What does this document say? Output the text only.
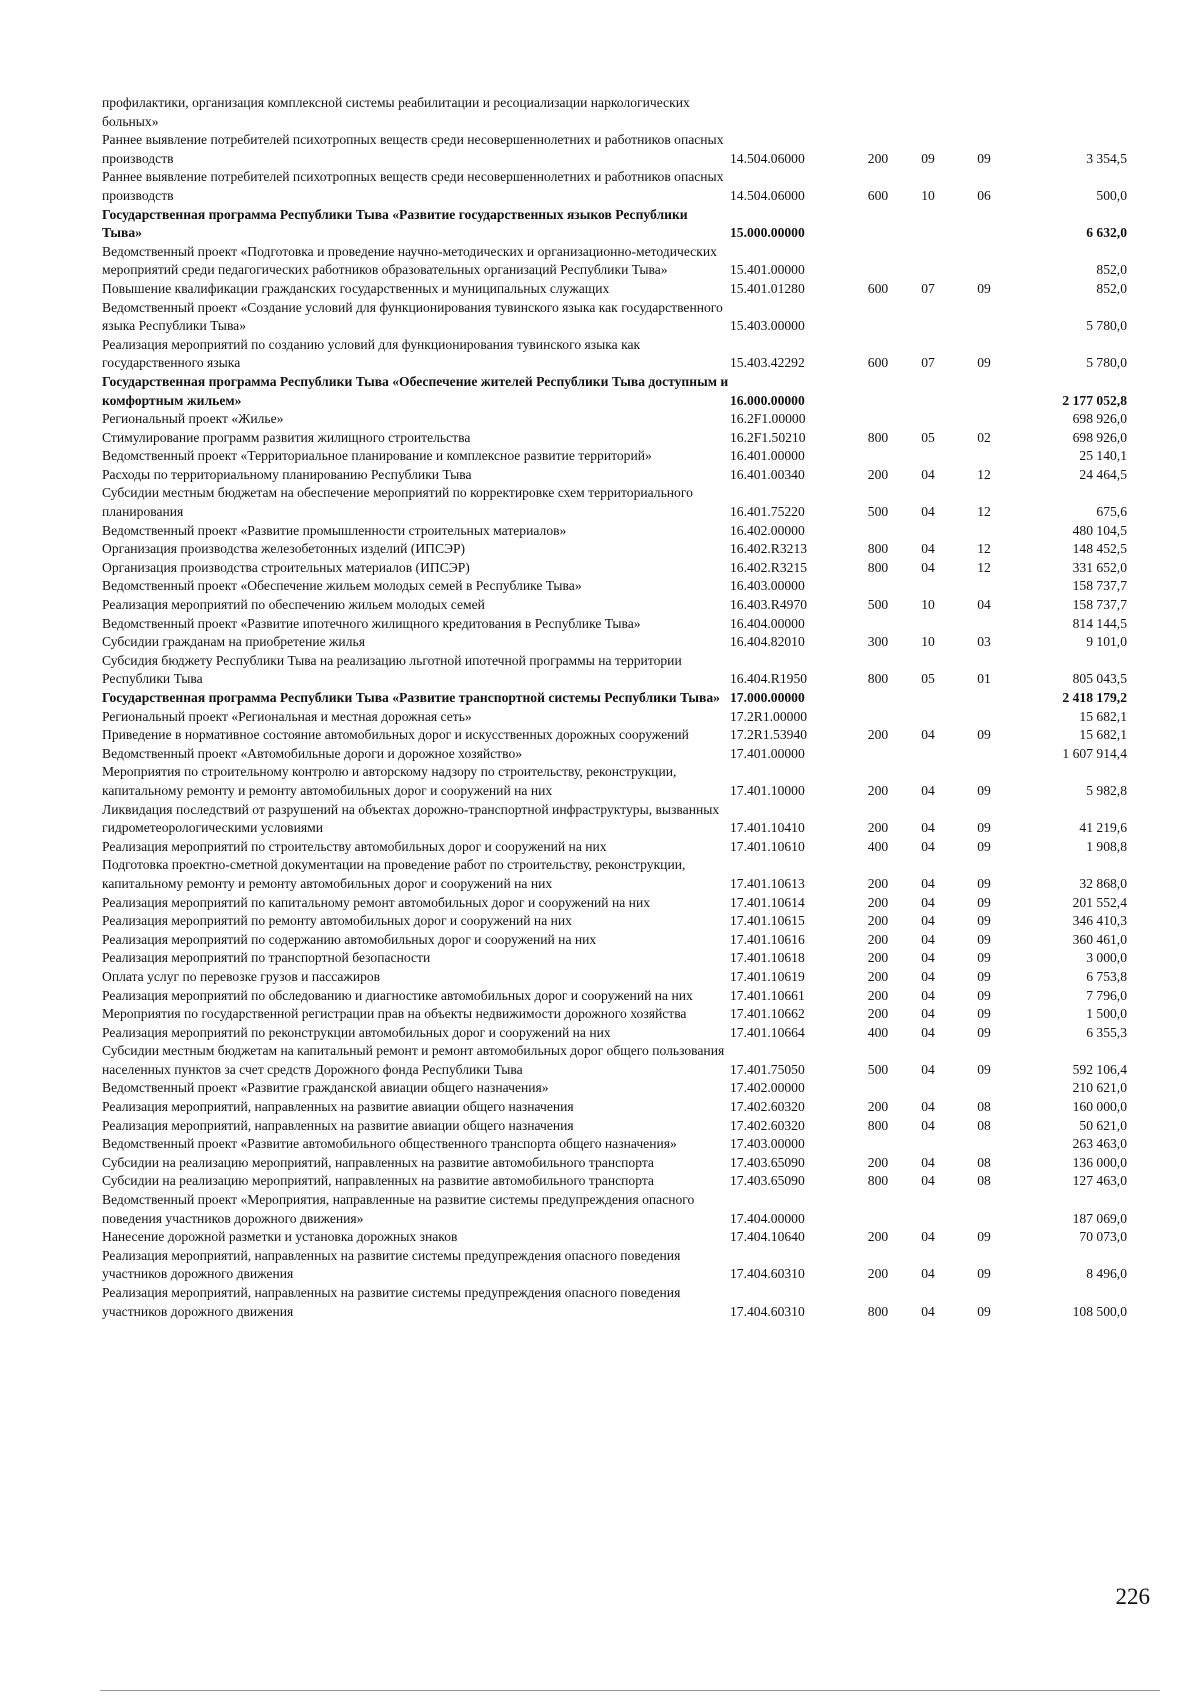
профилактики, организация комплексной системы реабилитации и ресоциализации наркологических больных»					
Раннее выявление потребителей психотропных веществ среди несовершеннолетних и работников опасных производств	14.504.06000	200	09	09	3 354,5
Раннее выявление потребителей психотропных веществ среди несовершеннолетних и работников опасных производств	14.504.06000	600	10	06	500,0
Государственная программа Республики Тыва «Развитие государственных языков Республики Тыва»	15.000.00000				6 632,0
Ведомственный проект «Подготовка и проведение научно-методических и организационно-методических мероприятий среди педагогических работников образовательных организаций Республики Тыва»	15.401.00000				852,0
Повышение квалификации гражданских государственных и муниципальных служащих	15.401.01280	600	07	09	852,0
Ведомственный проект «Создание условий для функционирования тувинского языка как государственного языка Республики Тыва»	15.403.00000				5 780,0
Реализация мероприятий по созданию условий для функционирования тувинского языка как государственного языка	15.403.42292	600	07	09	5 780,0
Государственная программа Республики Тыва «Обеспечение жителей Республики Тыва доступным и комфортным жильем»	16.000.00000				2 177 052,8
Региональный проект «Жилье»	16.2F1.00000				698 926,0
Стимулирование программ развития жилищного строительства	16.2F1.50210	800	05	02	698 926,0
Ведомственный проект «Территориальное планирование и комплексное развитие территорий»	16.401.00000				25 140,1
Расходы по территориальному планированию Республики Тыва	16.401.00340	200	04	12	24 464,5
Субсидии местным бюджетам на обеспечение мероприятий по корректировке схем территориального планирования	16.401.75220	500	04	12	675,6
Ведомственный проект «Развитие промышленности строительных материалов»	16.402.00000				480 104,5
Организация производства железобетонных изделий (ИПСЭР)	16.402.R3213	800	04	12	148 452,5
Организация производства строительных материалов (ИПСЭР)	16.402.R3215	800	04	12	331 652,0
Ведомственный проект «Обеспечение жильем молодых семей в Республике Тыва»	16.403.00000				158 737,7
Реализация мероприятий по обеспечению жильем молодых семей	16.403.R4970	500	10	04	158 737,7
Ведомственный проект «Развитие ипотечного жилищного кредитования в Республике Тыва»	16.404.00000				814 144,5
Субсидии гражданам на приобретение жилья	16.404.82010	300	10	03	9 101,0
Субсидия бюджету Республики Тыва на реализацию льготной ипотечной программы на территории Республики Тыва	16.404.R1950	800	05	01	805 043,5
Государственная программа Республики Тыва «Развитие транспортной системы Республики Тыва»	17.000.00000				2 418 179,2
Региональный проект «Региональная и местная дорожная сеть»	17.2R1.00000				15 682,1
Приведение в нормативное состояние автомобильных дорог и искусственных дорожных сооружений	17.2R1.53940	200	04	09	15 682,1
Ведомственный проект «Автомобильные дороги и дорожное хозяйство»	17.401.00000				1 607 914,4
Мероприятия по строительному контролю и авторскому надзору по строительству, реконструкции, капитальному ремонту и ремонту автомобильных дорог и сооружений на них	17.401.10000	200	04	09	5 982,8
Ликвидация последствий от разрушений на объектах дорожно-транспортной инфраструктуры, вызванных гидрометеорологическими условиями	17.401.10410	200	04	09	41 219,6
Реализация мероприятий по строительству автомобильных дорог и сооружений на них	17.401.10610	400	04	09	1 908,8
Подготовка проектно-сметной документации на проведение работ по строительству, реконструкции, капитальному ремонту и ремонту автомобильных дорог и сооружений на них	17.401.10613	200	04	09	32 868,0
Реализация мероприятий по капитальному ремонт автомобильных дорог и сооружений на них	17.401.10614	200	04	09	201 552,4
Реализация мероприятий по ремонту автомобильных дорог и сооружений на них	17.401.10615	200	04	09	346 410,3
Реализация мероприятий по содержанию автомобильных дорог и сооружений на них	17.401.10616	200	04	09	360 461,0
Реализация мероприятий по транспортной безопасности	17.401.10618	200	04	09	3 000,0
Оплата услуг по перевозке грузов и пассажиров	17.401.10619	200	04	09	6 753,8
Реализация мероприятий по обследованию и диагностике автомобильных дорог и сооружений на них	17.401.10661	200	04	09	7 796,0
Мероприятия по государственной регистрации прав на объекты недвижимости дорожного хозяйства	17.401.10662	200	04	09	1 500,0
Реализация мероприятий по реконструкции автомобильных дорог и сооружений на них	17.401.10664	400	04	09	6 355,3
Субсидии местным бюджетам на капитальный ремонт и ремонт автомобильных дорог общего пользования населенных пунктов за счет средств Дорожного фонда Республики Тыва	17.401.75050	500	04	09	592 106,4
Ведомственный проект «Развитие гражданской авиации общего назначения»	17.402.00000				210 621,0
Реализация мероприятий, направленных на развитие авиации общего назначения	17.402.60320	200	04	08	160 000,0
Реализация мероприятий, направленных на развитие авиации общего назначения	17.402.60320	800	04	08	50 621,0
Ведомственный проект «Развитие автомобильного общественного транспорта общего назначения»	17.403.00000				263 463,0
Субсидии на реализацию мероприятий, направленных на развитие автомобильного транспорта	17.403.65090	200	04	08	136 000,0
Субсидии на реализацию мероприятий, направленных на развитие автомобильного транспорта	17.403.65090	800	04	08	127 463,0
Ведомственный проект «Мероприятия, направленные на развитие системы предупреждения опасного поведения участников дорожного движения»	17.404.00000				187 069,0
Нанесение дорожной разметки и установка дорожных знаков	17.404.10640	200	04	09	70 073,0
Реализация мероприятий, направленных на развитие системы предупреждения опасного поведения участников дорожного движения	17.404.60310	200	04	09	8 496,0
Реализация мероприятий, направленных на развитие системы предупреждения опасного поведения участников дорожного движения	17.404.60310	800	04	09	108 500,0
226
